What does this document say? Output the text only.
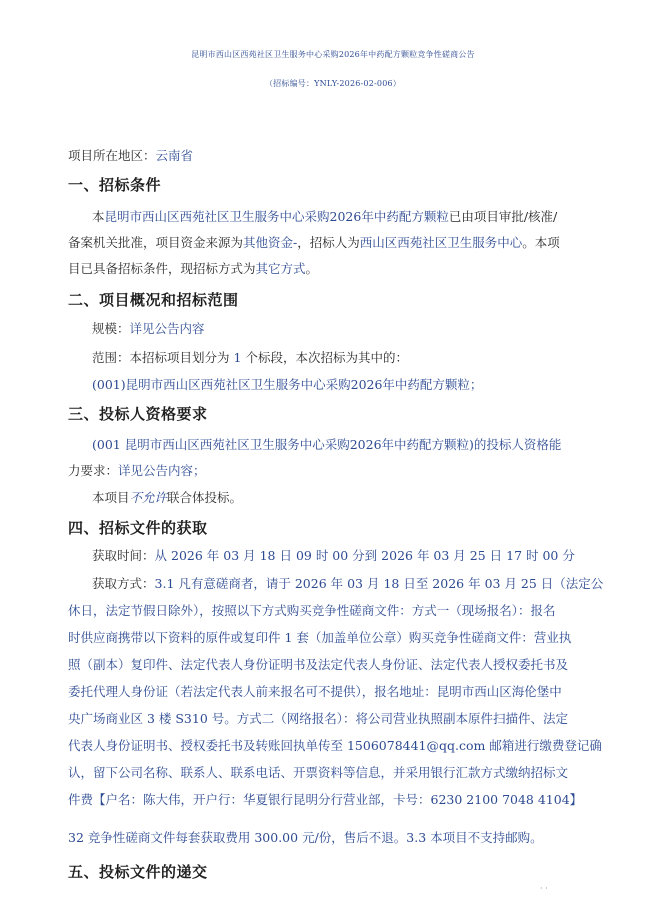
昆明市西山区西苑社区卫生服务中心采购2026年中药配方颗粒竞争性磋商公告
（招标编号：YNLY-2026-02-006）
项目所在地区：云南省
一、招标条件
本昆明市西山区西苑社区卫生服务中心采购2026年中药配方颗粒已由项目审批/核准/
备案机关批准，项目资金来源为其他资金-，招标人为西山区西苑社区卫生服务中心。本项
目已具备招标条件，现招标方式为其它方式。
二、项目概况和招标范围
规模：详见公告内容
范围：本招标项目划分为 1 个标段，本次招标为其中的：
(001)昆明市西山区西苑社区卫生服务中心采购2026年中药配方颗粒；
三、投标人资格要求
(001 昆明市西山区西苑社区卫生服务中心采购2026年中药配方颗粒)的投标人资格能
力要求：详见公告内容；
本项目不允许联合体投标。
四、招标文件的获取
获取时间：从 2026 年 03 月 18 日 09 时 00 分到 2026 年 03 月 25 日 17 时 00 分
获取方式：3.1 凡有意磋商者，请于 2026 年 03 月 18 日至 2026 年 03 月 25 日（法定公
休日，法定节假日除外），按照以下方式购买竞争性磋商文件：方式一（现场报名）：报名
时供应商携带以下资料的原件或复印件 1 套（加盖单位公章）购买竞争性磋商文件：营业执
照（副本）复印件、法定代表人身份证明书及法定代表人身份证、法定代表人授权委托书及
委托代理人身份证（若法定代表人前来报名可不提供），报名地址：昆明市西山区海伦堡中
央广场商业区 3 楼 S310 号。方式二（网络报名）：将公司营业执照副本原件扫描件、法定
代表人身份证明书、授权委托书及转账回执单传至 1506078441@qq.com 邮箱进行缴费登记确
认，留下公司名称、联系人、联系电话、开票资料等信息，并采用银行汇款方式缴纳招标文
件费【户名：陈大伟，开户行：华夏银行昆明分行营业部，卡号：6230 2100 7048 4104】
32 竞争性磋商文件每套获取费用 300.00 元/份，售后不退。3.3 本项目不支持邮购。
五、投标文件的递交
· ·
